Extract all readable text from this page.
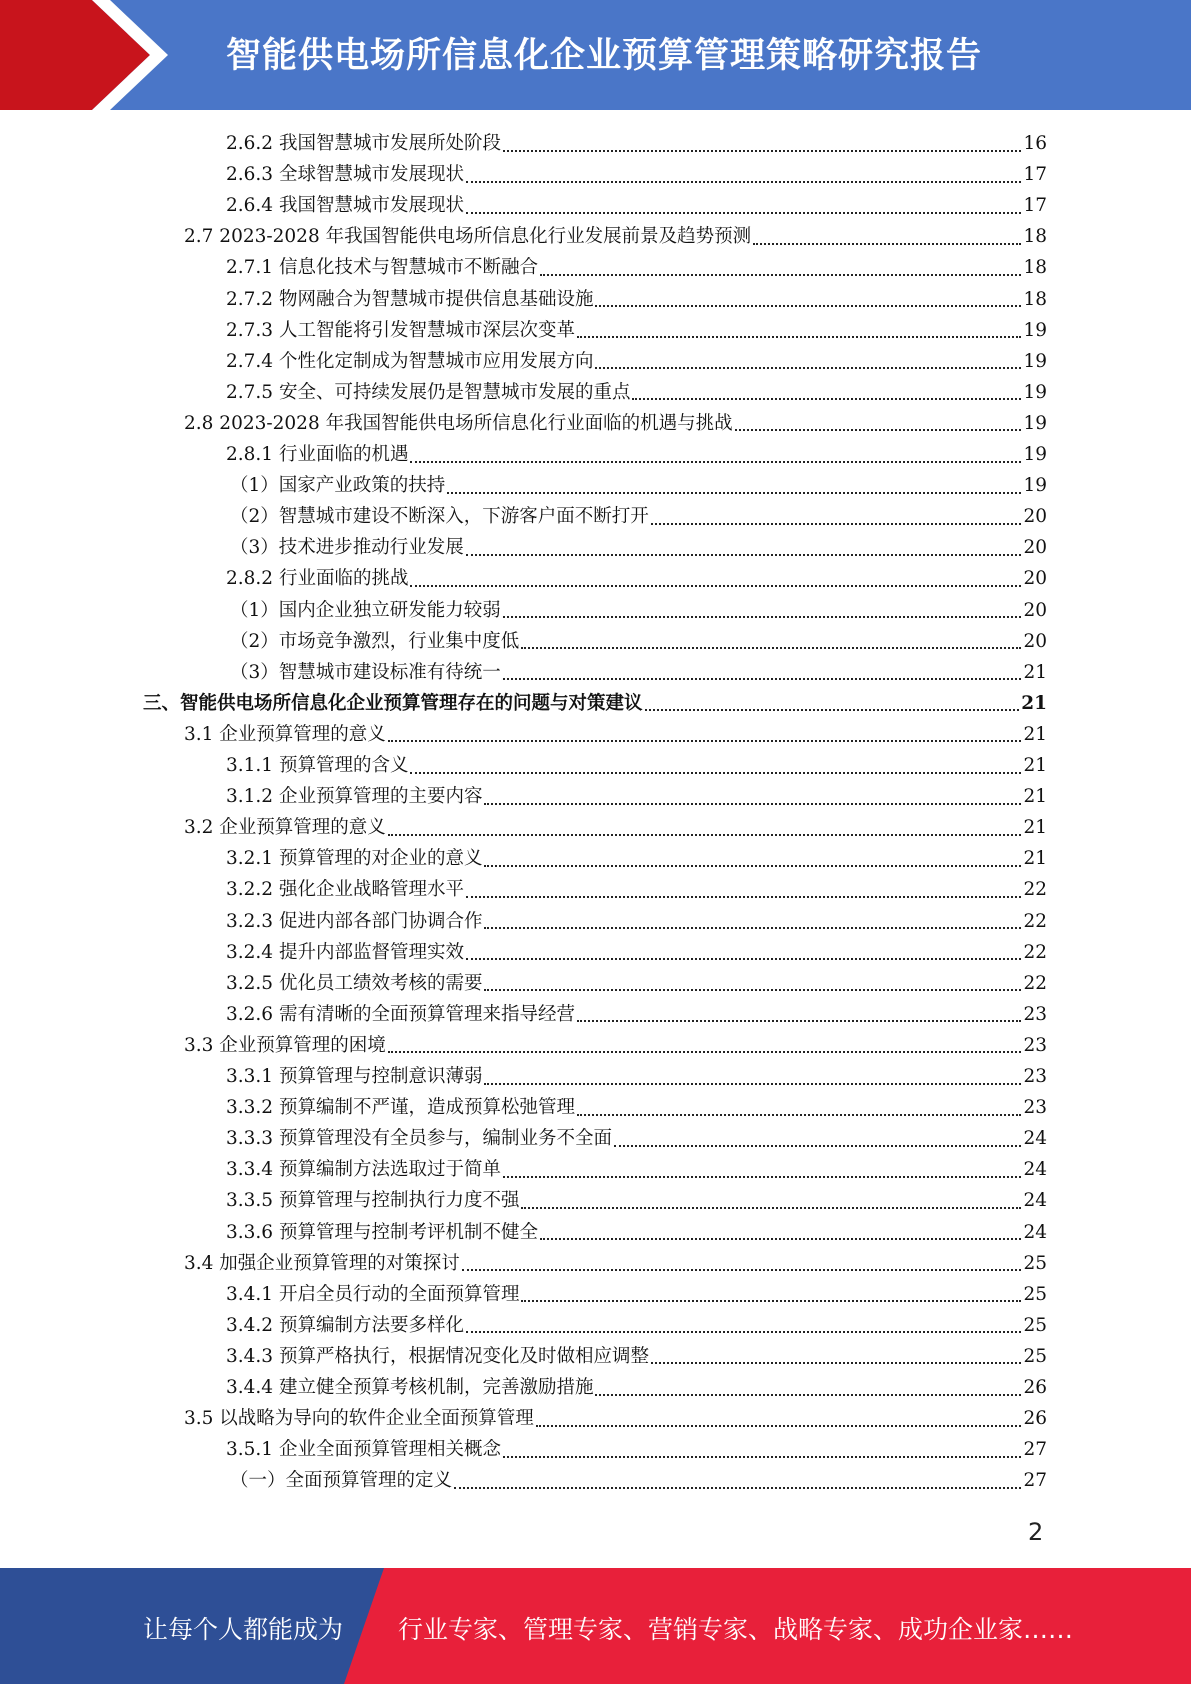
智能供电场所信息化企业预算管理策略研究报告
2.6.2 我国智慧城市发展所处阶段	16
2.6.3 全球智慧城市发展现状	17
2.6.4 我国智慧城市发展现状	17
2.7 2023-2028 年我国智能供电场所信息化行业发展前景及趋势预测	18
2.7.1 信息化技术与智慧城市不断融合	18
2.7.2 物网融合为智慧城市提供信息基础设施	18
2.7.3 人工智能将引发智慧城市深层次变革	19
2.7.4 个性化定制成为智慧城市应用发展方向	19
2.7.5 安全、可持续发展仍是智慧城市发展的重点	19
2.8 2023-2028 年我国智能供电场所信息化行业面临的机遇与挑战	19
2.8.1 行业面临的机遇	19
（1）国家产业政策的扶持	19
（2）智慧城市建设不断深入，下游客户面不断打开	20
（3）技术进步推动行业发展	20
2.8.2 行业面临的挑战	20
（1）国内企业独立研发能力较弱	20
（2）市场竞争激烈，行业集中度低	20
（3）智慧城市建设标准有待统一	21
三、智能供电场所信息化企业预算管理存在的问题与对策建议	21
3.1 企业预算管理的意义	21
3.1.1 预算管理的含义	21
3.1.2 企业预算管理的主要内容	21
3.2 企业预算管理的意义	21
3.2.1 预算管理的对企业的意义	21
3.2.2 强化企业战略管理水平	22
3.2.3 促进内部各部门协调合作	22
3.2.4 提升内部监督管理实效	22
3.2.5 优化员工绩效考核的需要	22
3.2.6 需有清晰的全面预算管理来指导经营	23
3.3 企业预算管理的困境	23
3.3.1 预算管理与控制意识薄弱	23
3.3.2 预算编制不严谨，造成预算松弛管理	23
3.3.3 预算管理没有全员参与，编制业务不全面	24
3.3.4 预算编制方法选取过于简单	24
3.3.5 预算管理与控制执行力度不强	24
3.3.6 预算管理与控制考评机制不健全	24
3.4 加强企业预算管理的对策探讨	25
3.4.1 开启全员行动的全面预算管理	25
3.4.2 预算编制方法要多样化	25
3.4.3 预算严格执行，根据情况变化及时做相应调整	25
3.4.4 建立健全预算考核机制，完善激励措施	26
3.5 以战略为导向的软件企业全面预算管理	26
3.5.1 企业全面预算管理相关概念	27
（一）全面预算管理的定义	27
2
让每个人都能成为 行业专家、管理专家、营销专家、战略专家、成功企业家……
